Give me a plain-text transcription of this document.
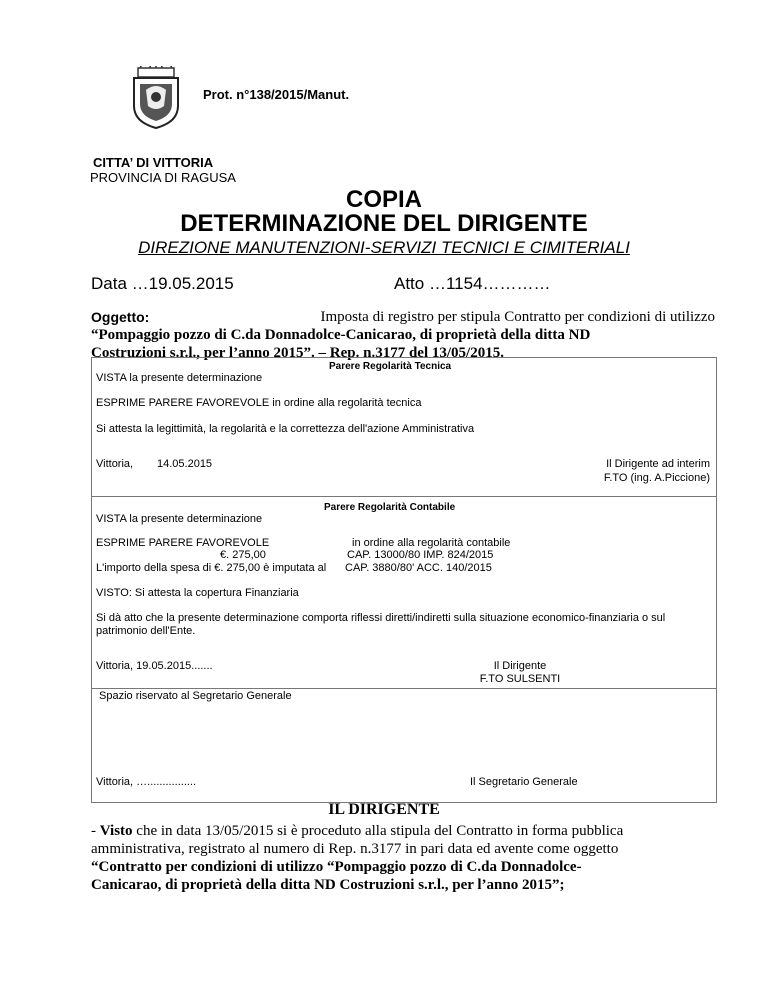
Prot. n°138/2015/Manut.
CITTA’ DI VITTORIA
PROVINCIA DI RAGUSA
COPIA
DETERMINAZIONE DEL DIRIGENTE
DIREZIONE MANUTENZIONI-SERVIZI TECNICI E CIMITERIALI
Data …19.05.2015	Atto …1154…………
Oggetto:	Imposta di registro per stipula Contratto per condizioni di utilizzo
“Pompaggio pozzo di C.da Donnadolce-Canicarao, di proprietà della ditta ND
Costruzioni s.r.l., per l’anno 2015”. – Rep. n.3177 del 13/05/2015.
Parere Regolarità Tecnica
VISTA la presente determinazione
ESPRIME PARERE FAVOREVOLE in ordine alla regolarità tecnica
Si attesta la legittimità, la regolarità e la correttezza dell'azione Amministrativa
Vittoria, 14.05.2015	Il Dirigente ad interim
F.TO (ing. A.Piccione)
Parere Regolarità Contabile
VISTA la presente determinazione
ESPRIME PARERE FAVOREVOLE	in ordine alla regolarità contabile
€. 275,00	CAP. 13000/80 IMP. 824/2015
L'importo della spesa di €. 275,00 è imputata al CAP. 3880/80' ACC. 140/2015
VISTO: Si attesta la copertura Finanziaria
Si dà atto che la presente determinazione comporta riflessi diretti/indiretti sulla situazione economico-finanziaria o sul
patrimonio dell'Ente.
Vittoria, 19.05.2015.......	Il Dirigente
F.TO SULSENTI
Spazio riservato al Segretario Generale
Vittoria, …................	Il Segretario Generale
IL DIRIGENTE
- Visto che in data 13/05/2015 si è proceduto alla stipula del Contratto in forma pubblica
amministrativa, registrato al numero di Rep. n.3177 in pari data ed avente come oggetto
“Contratto per condizioni di utilizzo “Pompaggio pozzo di C.da Donnadolce-
Canicarao, di proprietà della ditta ND Costruzioni s.r.l., per l’anno 2015”;
